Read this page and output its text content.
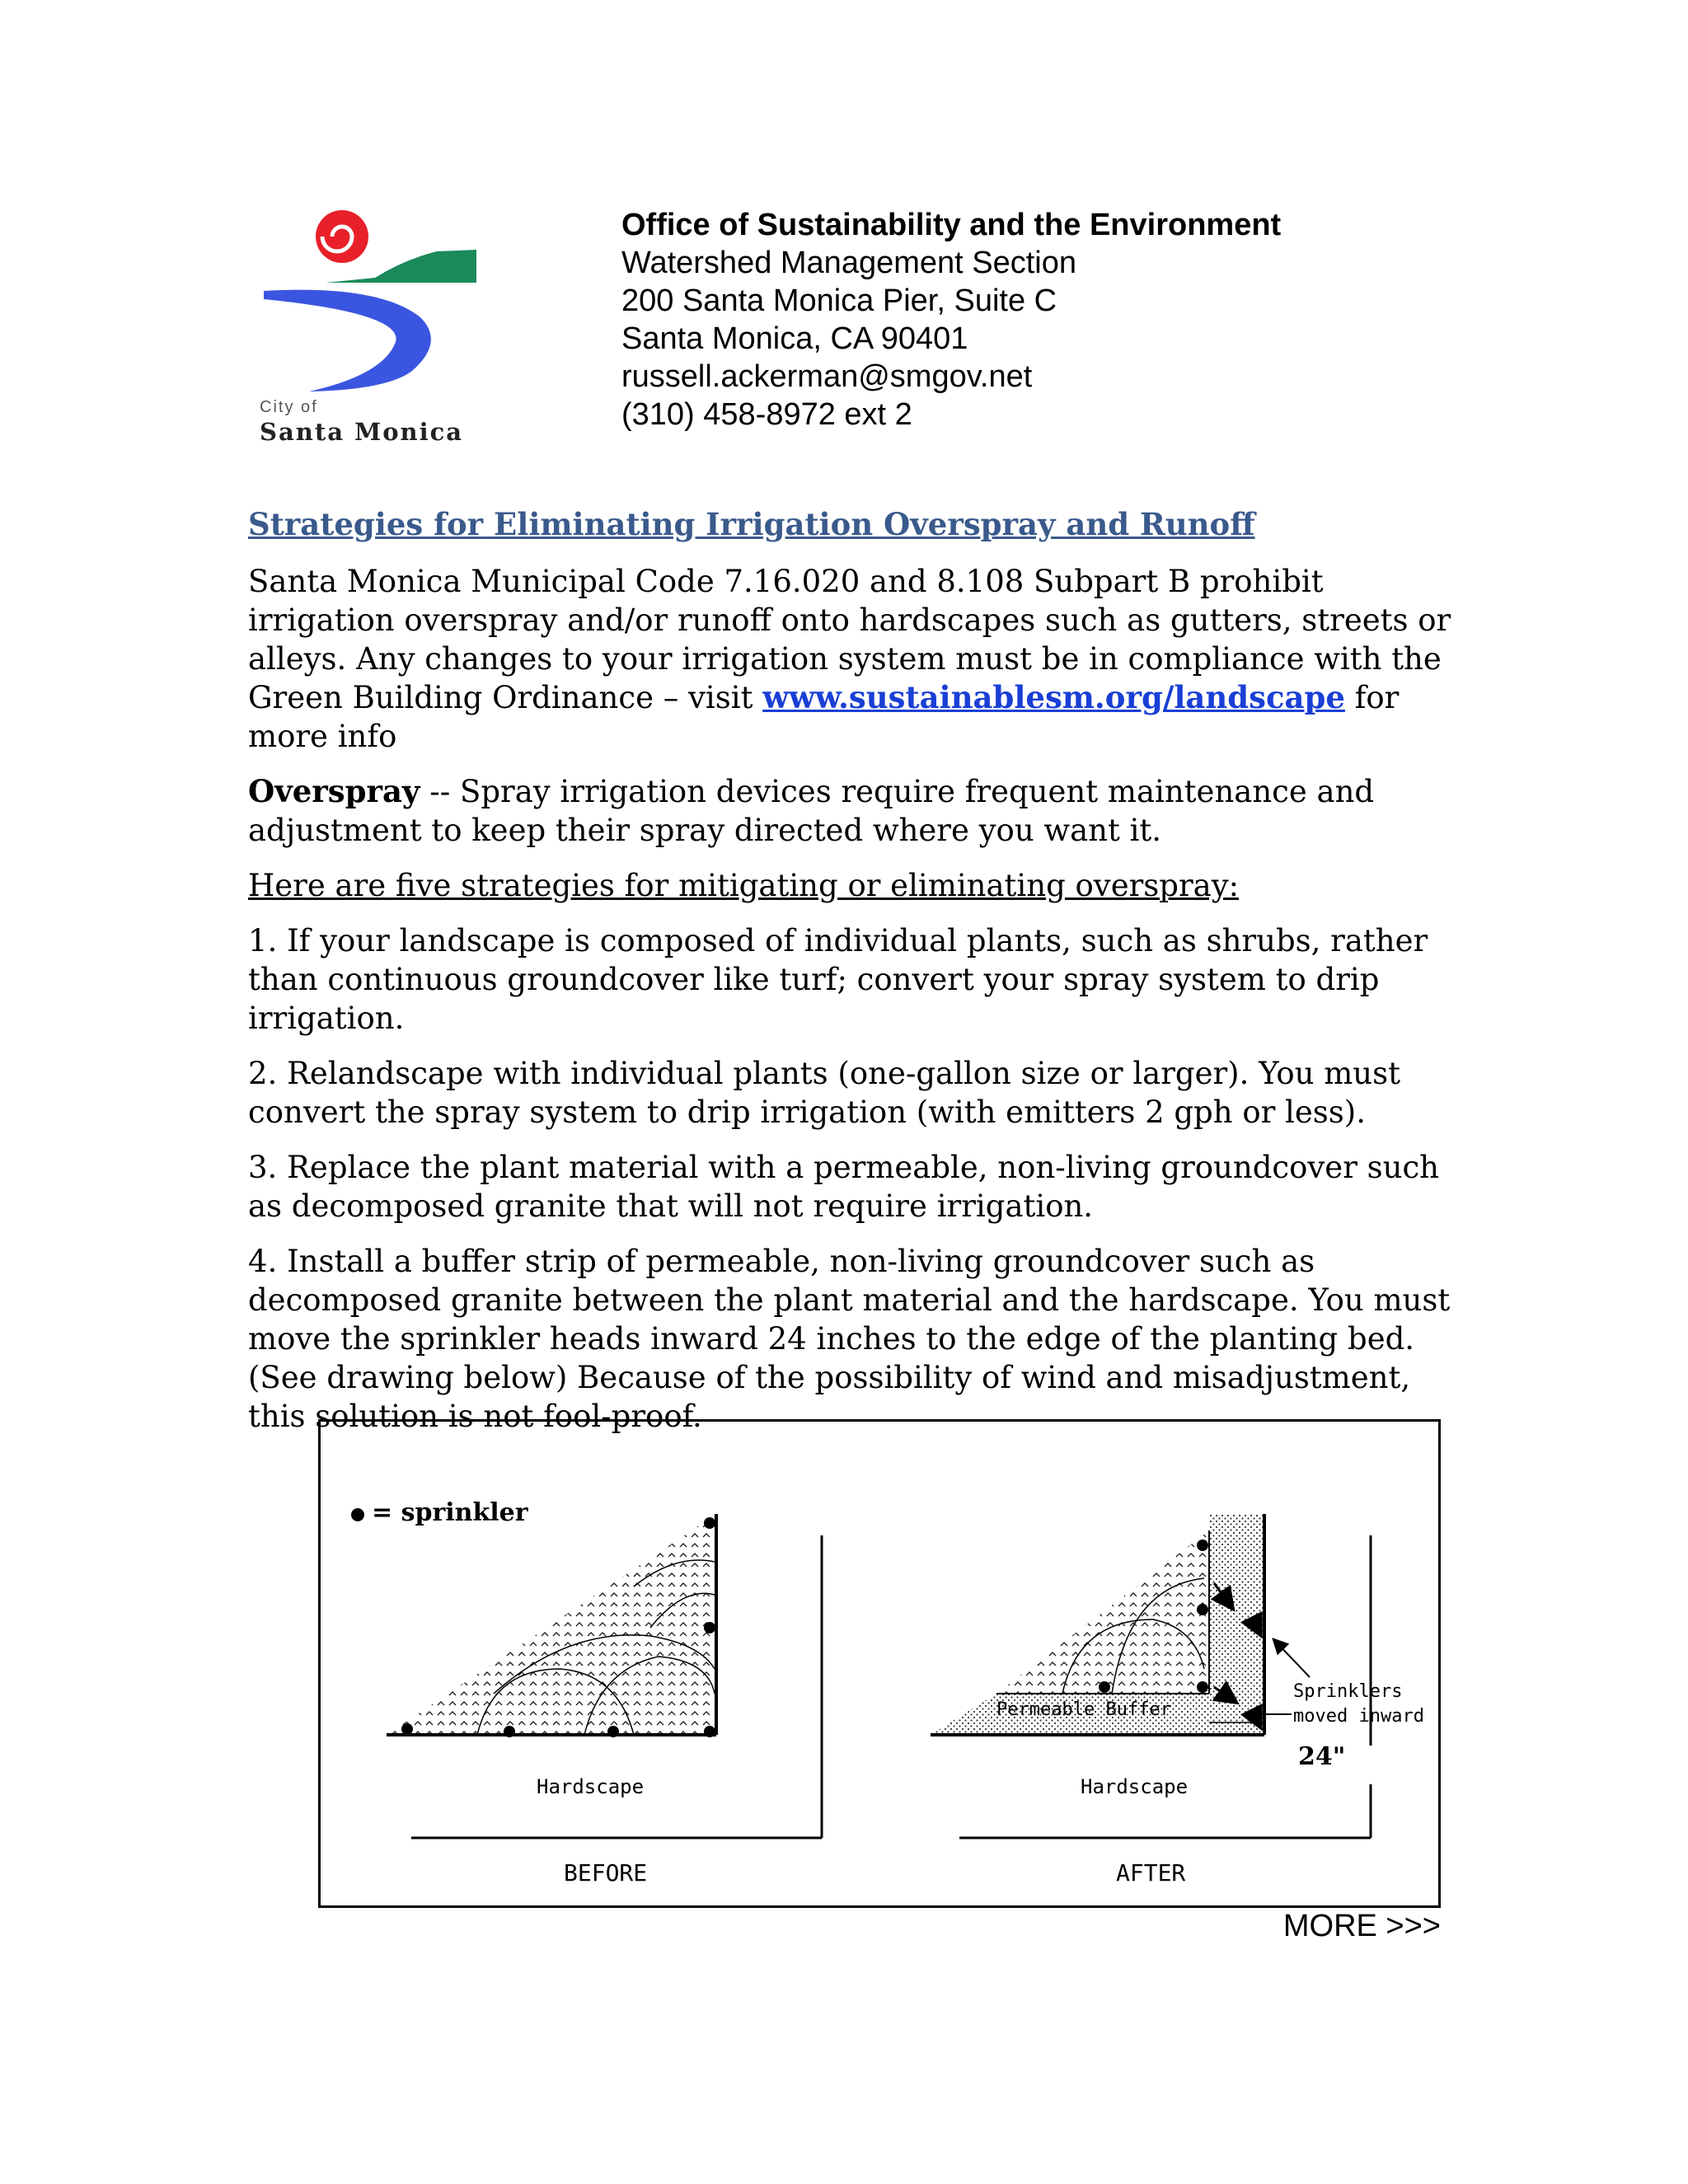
City of
Santa Monica
Office of Sustainability and the Environment
Watershed Management Section
200 Santa Monica Pier, Suite C
Santa Monica, CA 90401
russell.ackerman@smgov.net
(310) 458-8972 ext 2
Strategies for Eliminating Irrigation Overspray and Runoff

Santa Monica Municipal Code 7.16.020 and 8.108 Subpart B prohibit irrigation overspray and/or runoff onto hardscapes such as gutters, streets or alleys. Any changes to your irrigation system must be in compliance with the Green Building Ordinance – visit www.sustainablesm.org/landscape for more info

Overspray -- Spray irrigation devices require frequent maintenance and adjustment to keep their spray directed where you want it.

Here are five strategies for mitigating or eliminating overspray:

1. If your landscape is composed of individual plants, such as shrubs, rather than continuous groundcover like turf; convert your spray system to drip irrigation.

2. Relandscape with individual plants (one-gallon size or larger). You must convert the spray system to drip irrigation (with emitters 2 gph or less).

3. Replace the plant material with a permeable, non-living groundcover such as decomposed granite that will not require irrigation.

4. Install a buffer strip of permeable, non-living groundcover such as decomposed granite between the plant material and the hardscape. You must move the sprinkler heads inward 24 inches to the edge of the planting bed. (See drawing below) Because of the possibility of wind and misadjustment, this solution is not fool-proof.

= sprinkler
Hardscape
BEFORE
Permeable Buffer
Sprinklers
moved inward
24"
Hardscape
AFTER
MORE >>>
